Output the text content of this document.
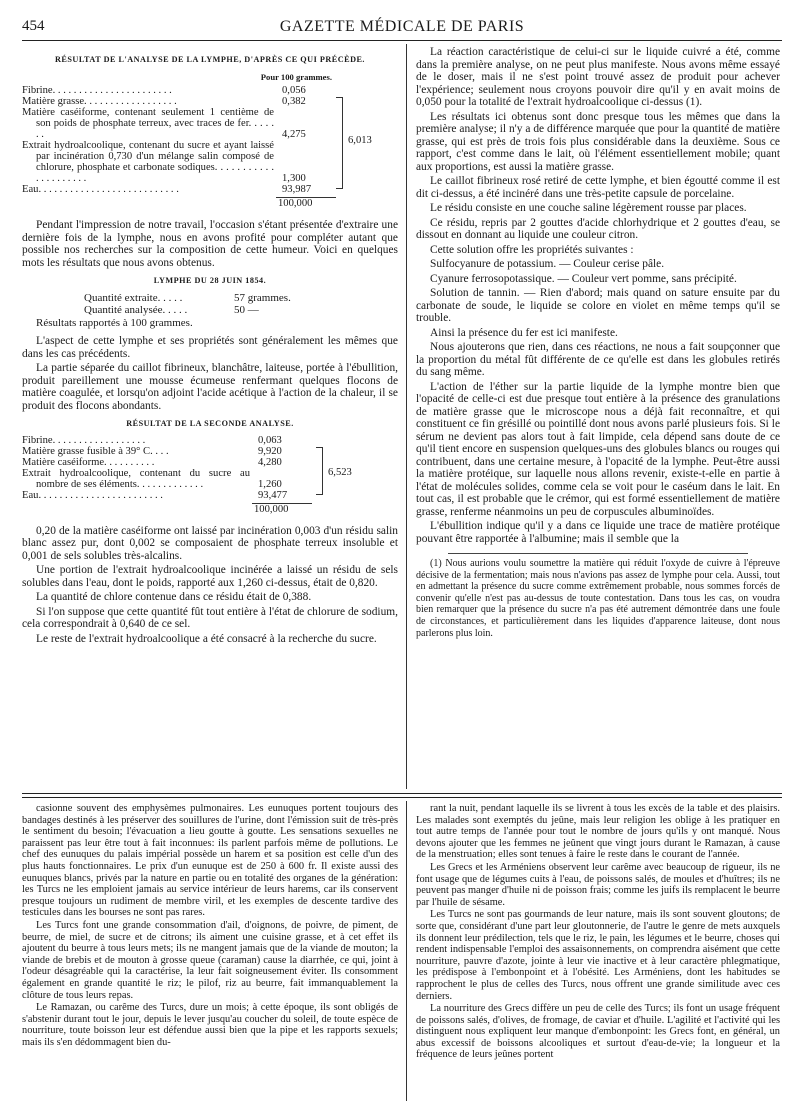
454	GAZETTE MÉDICALE DE PARIS
RÉSULTAT DE L'ANALYSE DE LA LYMPHE, D'APRÈS CE QUI PRÉCÈDE.
Pour 100 grammes.
Fibrine. . . . . . . . . . . . . . . . . . . . . . .	0,056
Matière grasse. . . . . . . . . . . . . . . . . .	0,382
Matière caséiforme, contenant seulement 1 centième de son poids de phosphate terreux, avec traces de fer. . . . . . .	4,275
Extrait hydroalcoolique, contenant du sucre et ayant laissé par incinération 0,730 d'un mélange salin composé de chlorure, phosphate et carbonate sodiques. . . . . . . . . . . . . . . . . . . . .	1,300
Eau. . . . . . . . . . . . . . . . . . . . . . . . . . .	93,987
6,013
100,000

Pendant l'impression de notre travail, l'occasion s'étant présentée d'extraire une dernière fois de la lymphe, nous en avons profité pour compléter autant que possible nos recherches sur la composition de cette humeur. Voici en quelques mots les résultats que nous avons obtenus.

LYMPHE DU 28 JUIN 1854.
Quantité extraite. . . . .	57 grammes.
Quantité analysée. . . . .	50 —
Résultats rapportés à 100 grammes.

L'aspect de cette lymphe et ses propriétés sont généralement les mêmes que dans les cas précédents.

La partie séparée du caillot fibrineux, blanchâtre, laiteuse, portée à l'ébullition, produit pareillement une mousse écumeuse renfermant quelques flocons de matière coagulée, et lorsqu'on adjoint l'acide acétique à l'action de la chaleur, il se produit des flocons abondants.

RÉSULTAT DE LA SECONDE ANALYSE.
Fibrine. . . . . . . . . . . . . . . . . .	0,063
Matière grasse fusible à 39° C. . . .	9,920
Matière caséiforme. . . . . . . . . .	4,280
Extrait hydroalcoolique, contenant du sucre au nombre de ses éléments. . . . . . . . . . . . .	1,260
Eau. . . . . . . . . . . . . . . . . . . . . . . .	93,477
6,523
100,000

0,20 de la matière caséiforme ont laissé par incinération 0,003 d'un résidu salin blanc assez pur, dont 0,002 se composaient de phosphate terreux insoluble et 0,001 de sels solubles très-alcalins.

Une portion de l'extrait hydroalcoolique incinérée a laissé un résidu de sels solubles dans l'eau, dont le poids, rapporté aux 1,260 ci-dessus, était de 0,820.

La quantité de chlore contenue dans ce résidu était de 0,388.

Si l'on suppose que cette quantité fût tout entière à l'état de chlorure de sodium, cela correspondrait à 0,640 de ce sel.

Le reste de l'extrait hydroalcoolique a été consacré à la recherche du sucre.

La réaction caractéristique de celui-ci sur le liquide cuivré a été, comme dans la première analyse, on ne peut plus manifeste. Nous avons même essayé de le doser, mais il ne s'est point trouvé assez de produit pour achever l'expérience; seulement nous croyons pouvoir dire qu'il y en avait moins de 0,050 pour la totalité de l'extrait hydroalcoolique ci-dessus (1).

Les résultats ici obtenus sont donc presque tous les mêmes que dans la première analyse; il n'y a de différence marquée que pour la quantité de matière grasse, qui est près de trois fois plus considérable dans la deuxième. Sous ce rapport, c'est comme dans le lait, où l'élément essentiellement mobile; quant aux proportions, est aussi la matière grasse.

Le caillot fibrineux rosé retiré de cette lymphe, et bien égoutté comme il est dit ci-dessus, a été incinéré dans une très-petite capsule de porcelaine.

Le résidu consiste en une couche saline légèrement rousse par places.

Ce résidu, repris par 2 gouttes d'acide chlorhydrique et 2 gouttes d'eau, se dissout en donnant au liquide une couleur citron.

Cette solution offre les propriétés suivantes :

Sulfocyanure de potassium. — Couleur cerise pâle.

Cyanure ferrosopotassique. — Couleur vert pomme, sans précipité.

Solution de tannin. — Rien d'abord; mais quand on sature ensuite par du carbonate de soude, le liquide se colore en violet en même temps qu'il se trouble.

Ainsi la présence du fer est ici manifeste.

Nous ajouterons que rien, dans ces réactions, ne nous a fait soupçonner que la proportion du métal fût différente de ce qu'elle est dans les globules retirés du sang même.

L'action de l'éther sur la partie liquide de la lymphe montre bien que l'opacité de celle-ci est due presque tout entière à la présence des granulations de matière grasse que le microscope nous a déjà fait reconnaître, et qui constituent ce fin grésillé ou pointillé dont nous avons parlé plusieurs fois. Si le sérum ne devient pas alors tout à fait limpide, cela dépend sans doute de ce qu'il tient encore en suspension quelques-uns des globules blancs ou rouges qui contribuent, dans une certaine mesure, à l'opacité de la lymphe. Peut-être aussi la matière protéique, sur laquelle nous allons revenir, existe-t-elle en partie à l'état de molécules solides, comme cela se voit pour le caséum dans le lait. En tout cas, il est probable que le crémor, qui est formé essentiellement de matière grasse, renferme néanmoins un peu de corpuscules albuminoïdes.

L'ébullition indique qu'il y a dans ce liquide une trace de matière protéique pouvant être rapportée à l'albumine; mais il semble que la

(1) Nous aurions voulu soumettre la matière qui réduit l'oxyde de cuivre à l'épreuve décisive de la fermentation; mais nous n'avions pas assez de lymphe pour cela. Aussi, tout en admettant la présence du sucre comme extrêmement probable, nous sommes forcés de convenir qu'elle n'est pas au-dessus de toute contestation. Dans tous les cas, on voudra bien remarquer que la présence du sucre n'a pas été autrement démontrée dans une foule de circonstances, et particulièrement dans les liquides d'apparence laiteuse, dont nous parlerons plus loin.

casionne souvent des emphysèmes pulmonaires. Les eunuques portent toujours des bandages destinés à les préserver des souillures de l'urine, dont l'émission suit de très-près le sentiment du besoin; l'évacuation a lieu goutte à goutte. Les sensations sexuelles ne paraissent pas leur être tout à fait inconnues: ils parlent parfois même de pollutions. Le chef des eunuques du palais impérial possède un harem et sa position est celle d'un des plus hauts fonctionnaires. Le prix d'un eunuque est de 250 à 600 fr. Il existe aussi des eunuques blancs, privés par la nature en partie ou en totalité des organes de la génération: les Turcs ne les emploient jamais au service intérieur de leurs harems, car ils conservent presque toujours un rudiment de membre viril, et les exemples de descente tardive des testicules dans les bourses ne sont pas rares.

Les Turcs font une grande consommation d'ail, d'oignons, de poivre, de piment, de beurre, de miel, de sucre et de citrons; ils aiment une cuisine grasse, et à cet effet ils ajoutent du beurre à tous leurs mets; ils ne mangent jamais que de la viande de mouton; la viande de brebis et de mouton à grosse queue (caraman) cause la diarrhée, ce qui, joint à l'odeur désagréable qui la caractérise, la leur fait soigneusement éviter. Ils consomment également en grande quantité le riz; le pilof, riz au beurre, fait immanquablement la clôture de tous leurs repas.

Le Ramazan, ou carême des Turcs, dure un mois; à cette époque, ils sont obligés de s'abstenir durant tout le jour, depuis le lever jusqu'au coucher du soleil, de toute espèce de nourriture, toute boisson leur est défendue aussi bien que la pipe et les rapports sexuels; mais ils s'en dédommagent bien du-

rant la nuit, pendant laquelle ils se livrent à tous les excès de la table et des plaisirs. Les malades sont exemptés du jeûne, mais leur religion les oblige à les pratiquer en tout autre temps de l'année pour tout le nombre de jours qu'ils y ont manqué. Nous devons ajouter que les femmes ne jeûnent que vingt jours durant le Ramazan, à cause de la menstruation; elles sont tenues à faire le reste dans le courant de l'année.

Les Grecs et les Arméniens observent leur carême avec beaucoup de rigueur, ils ne font usage que de légumes cuits à l'eau, de poissons salés, de moules et d'huîtres; ils ne peuvent pas manger d'huile ni de poisson frais; comme les juifs ils remplacent le beurre par l'huile de sésame.

Les Turcs ne sont pas gourmands de leur nature, mais ils sont souvent gloutons; de sorte que, considérant d'une part leur gloutonnerie, de l'autre le genre de mets auxquels ils donnent leur prédilection, tels que le riz, le pain, les légumes et le beurre, choses qui rendent indispensable l'emploi des assaisonnements, on comprendra aisément que cette nourriture, pauvre d'azote, jointe à leur vie inactive et à leur caractère phlegmatique, les prédispose à l'embonpoint et à l'obésité. Les Arméniens, dont les habitudes se rapprochent le plus de celles des Turcs, nous offrent une grande similitude avec ces derniers.

La nourriture des Grecs diffère un peu de celle des Turcs; ils font un usage fréquent de poissons salés, d'olives, de fromage, de caviar et d'huile. L'agilité et l'activité qui les distinguent nous expliquent leur manque d'embonpoint: les Grecs font, en général, un abus excessif de boissons alcooliques et surtout d'eau-de-vie; la longueur et la fréquence de leurs jeûnes portent
